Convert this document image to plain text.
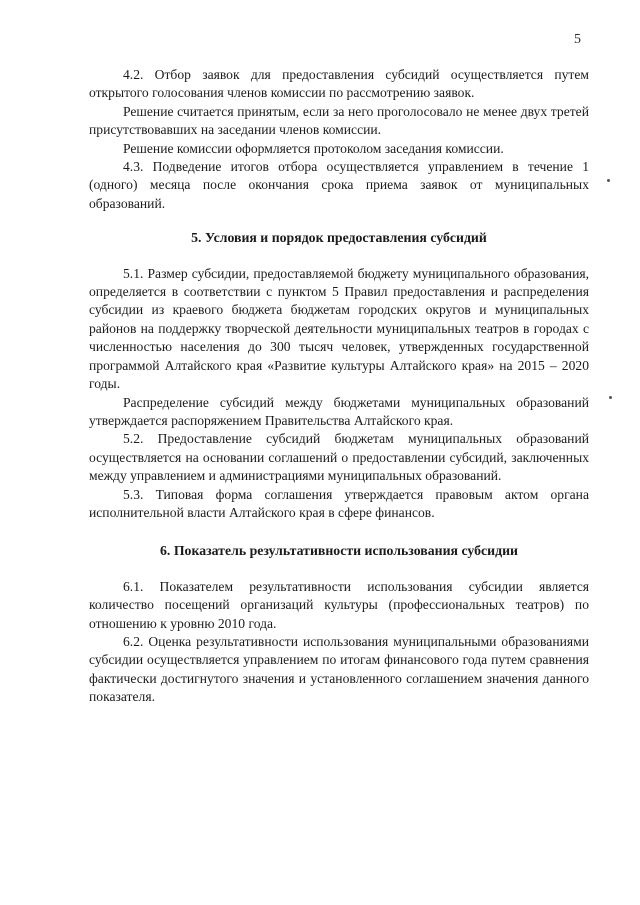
5

4.2. Отбор заявок для предоставления субсидий осуществляется путем открытого голосования членов комиссии по рассмотрению заявок.

Решение считается принятым, если за него проголосовало не менее двух третей присутствовавших на заседании членов комиссии.

Решение комиссии оформляется протоколом заседания комиссии.

4.3. Подведение итогов отбора осуществляется управлением в течение 1 (одного) месяца после окончания срока приема заявок от муниципальных образований.

5. Условия и порядок предоставления субсидий

5.1. Размер субсидии, предоставляемой бюджету муниципального образования, определяется в соответствии с пунктом 5 Правил предоставления и распределения субсидии из краевого бюджета бюджетам городских округов и муниципальных районов на поддержку творческой деятельности муниципальных театров в городах с численностью населения до 300 тысяч человек, утвержденных государственной программой Алтайского края «Развитие культуры Алтайского края» на 2015 – 2020 годы.

Распределение субсидий между бюджетами муниципальных образований утверждается распоряжением Правительства Алтайского края.

5.2. Предоставление субсидий бюджетам муниципальных образований осуществляется на основании соглашений о предоставлении субсидий, заключенных между управлением и администрациями муниципальных образований.

5.3. Типовая форма соглашения утверждается правовым актом органа исполнительной власти Алтайского края в сфере финансов.

6. Показатель результативности использования субсидии

6.1. Показателем результативности использования субсидии является количество посещений организаций культуры (профессиональных театров) по отношению к уровню 2010 года.

6.2. Оценка результативности использования муниципальными образованиями субсидии осуществляется управлением по итогам финансового года путем сравнения фактически достигнутого значения и установленного соглашением значения данного показателя.
